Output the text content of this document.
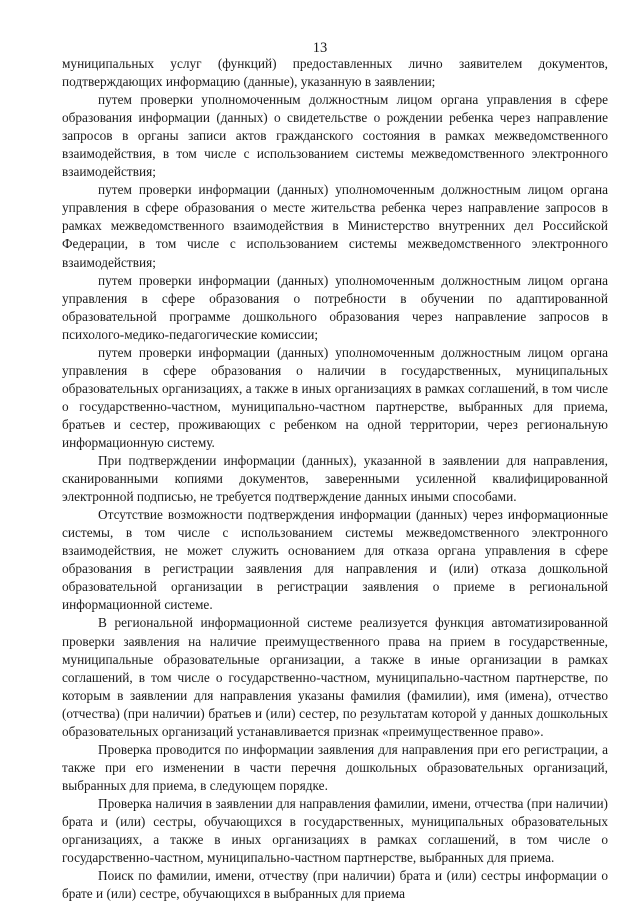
13

муниципальных услуг (функций) предоставленных лично заявителем документов, подтверждающих информацию (данные), указанную в заявлении;

путем проверки уполномоченным должностным лицом органа управления в сфере образования информации (данных) о свидетельстве о рождении ребенка через направление запросов в органы записи актов гражданского состояния в рамках межведомственного взаимодействия, в том числе с использованием системы межведомственного электронного взаимодействия;

путем проверки информации (данных) уполномоченным должностным лицом органа управления в сфере образования о месте жительства ребенка через направление запросов в рамках межведомственного взаимодействия в Министерство внутренних дел Российской Федерации, в том числе с использованием системы межведомственного электронного взаимодействия;

путем проверки информации (данных) уполномоченным должностным лицом органа управления в сфере образования о потребности в обучении по адаптированной образовательной программе дошкольного образования через направление запросов в психолого-медико-педагогические комиссии;

путем проверки информации (данных) уполномоченным должностным лицом органа управления в сфере образования о наличии в государственных, муниципальных образовательных организациях, а также в иных организациях в рамках соглашений, в том числе о государственно-частном, муниципально-частном партнерстве, выбранных для приема, братьев и сестер, проживающих с ребенком на одной территории, через региональную информационную систему.

При подтверждении информации (данных), указанной в заявлении для направления, сканированными копиями документов, заверенными усиленной квалифицированной электронной подписью, не требуется подтверждение данных иными способами.

Отсутствие возможности подтверждения информации (данных) через информационные системы, в том числе с использованием системы межведомственного электронного взаимодействия, не может служить основанием для отказа органа управления в сфере образования в регистрации заявления для направления и (или) отказа дошкольной образовательной организации в регистрации заявления о приеме в региональной информационной системе.

В региональной информационной системе реализуется функция автоматизированной проверки заявления на наличие преимущественного права на прием в государственные, муниципальные образовательные организации, а также в иные организации в рамках соглашений, в том числе о государственно-частном, муниципально-частном партнерстве, по которым в заявлении для направления указаны фамилия (фамилии), имя (имена), отчество (отчества) (при наличии) братьев и (или) сестер, по результатам которой у данных дошкольных образовательных организаций устанавливается признак «преимущественное право».

Проверка проводится по информации заявления для направления при его регистрации, а также при его изменении в части перечня дошкольных образовательных организаций, выбранных для приема, в следующем порядке.

Проверка наличия в заявлении для направления фамилии, имени, отчества (при наличии) брата и (или) сестры, обучающихся в государственных, муниципальных образовательных организациях, а также в иных организациях в рамках соглашений, в том числе о государственно-частном, муниципально-частном партнерстве, выбранных для приема.

Поиск по фамилии, имени, отчеству (при наличии) брата и (или) сестры информации о брате и (или) сестре, обучающихся в выбранных для приема
